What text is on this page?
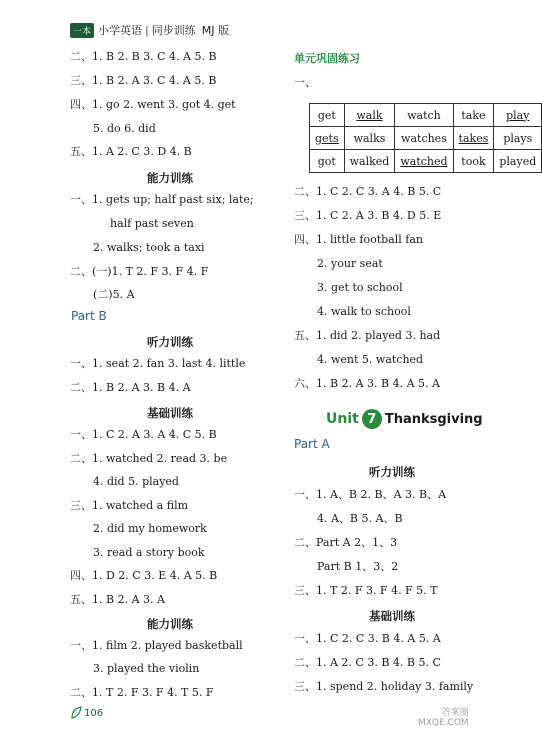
一本 小学英语 | 同步训练 MJ 版
二、1. B 2. B 3. C 4. A 5. B
三、1. B 2. A 3. C 4. A 5. B
四、1. go 2. went 3. got 4. get
5. do 6. did
五、1. A 2. C 3. D 4. B
一、1. gets up; half past six; late;
half past seven
2. walks; took a taxi
二、(一)1. T 2. F 3. F 4. F
(二)5. A
一、1. seat 2. fan 3. last 4. little
二、1. B 2. A 3. B 4. A
一、1. C 2. A 3. A 4. C 5. B
二、1. watched 2. read 3. be
4. did 5. played
三、1. watched a film
2. did my homework
3. read a story book
四、1. D 2. C 3. E 4. A 5. B
五、1. B 2. A 3. A
一、1. film 2. played basketball
3. played the violin
二、1. T 2. F 3. F 4. T 5. F
能力训练
听力训练
基础训练
能力训练
Part B
单元巩固练习
一、
get	walk	watch	take	play
gets	walks	watches	takes	plays
got	walked	watched	took	played
二、1. C 2. C 3. A 4. B 5. C
三、1. C 2. A 3. B 4. D 5. E
四、1. little football fan
2. your seat
3. get to school
4. walk to school
五、1. did 2. played 3. had
4. went 5. watched
六、1. B 2. A 3. B 4. A 5. A
一、1. A、B 2. B、A 3. B、A
4. A、B 5. A、B
二、Part A 2、1、3
Part B 1、3、2
三、1. T 2. F 3. F 4. F 5. T
一、1. C 2. C 3. B 4. A 5. A
二、1. A 2. C 3. B 4. B 5. C
三、1. spend 2. holiday 3. family
听力训练
基础训练
Unit 7 Thanksgiving
Part A
106	答案圈
MXQE.COM
